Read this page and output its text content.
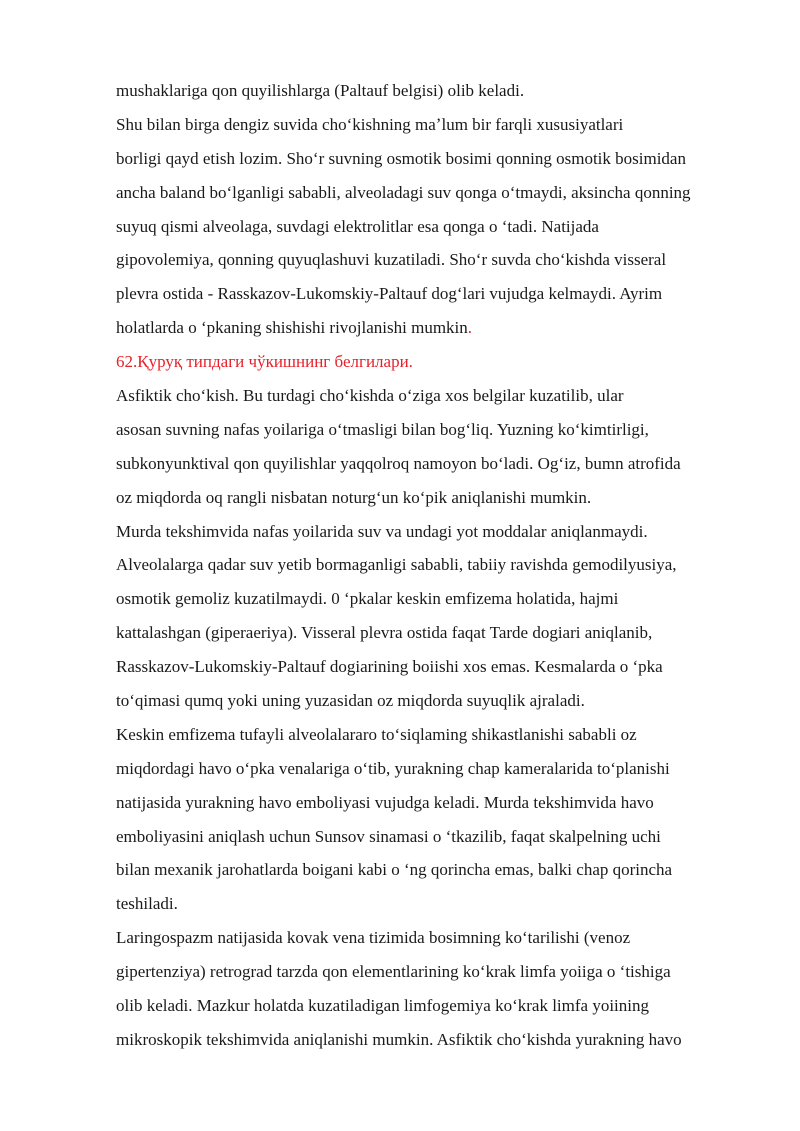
mushaklariga qon quyilishlarga (Paltauf belgisi) olib keladi.
Shu bilan birga dengiz suvida choʻkishning maʼlum bir farqli xususiyatlari
borligi qayd etish lozim. Shoʻr suvning osmotik bosimi qonning osmotik bosimidan
ancha baland boʻlganligi sababli, alveoladagi suv qonga oʻtmaydi, aksincha qonning
suyuq qismi alveolaga, suvdagi elektrolitlar esa qonga o ʻtadi. Natijada
gipovolemiya, qonning quyuqlashuvi kuzatiladi. Shoʻr suvda choʻkishda visseral
plevra ostida - Rasskazov-Lukomskiy-Paltauf dogʻlari vujudga kelmaydi. Ayrim
holatlarda o ʻpkaning shishishi rivojlanishi mumkin.
62.Қуруқ типдаги чўкишнинг белгилари.
Asfiktik choʻkish. Bu turdagi choʻkishda oʻziga xos belgilar kuzatilib, ular
asosan suvning nafas yoilariga oʻtmasligi bilan bogʻliq. Yuzning koʻkimtirligi,
subkonyunktival qon quyilishlar yaqqolroq namoyon boʻladi. Ogʻiz, bumn atrofida
oz miqdorda oq rangli nisbatan noturgʻun koʻpik aniqlanishi mumkin.
Murda tekshimvida nafas yoilarida suv va undagi yot moddalar aniqlanmaydi.
Alveolalarga qadar suv yetib bormaganligi sababli, tabiiy ravishda gemodilyusiya,
osmotik gemoliz kuzatilmaydi. 0 ʻpkalar keskin emfizema holatida, hajmi
kattalashgan (giperaeriya). Visseral plevra ostida faqat Tarde dogiari aniqlanib,
Rasskazov-Lukomskiy-Paltauf dogiarining boiishi xos emas. Kesmalarda o ʻpka
toʻqimasi qumq yoki uning yuzasidan oz miqdorda suyuqlik ajraladi.
Keskin emfizema tufayli alveolalararo toʻsiqlaming shikastlanishi sababli oz
miqdordagi havo oʻpka venalariga oʻtib, yurakning chap kameralarida toʻplanishi
natijasida yurakning havo emboliyasi vujudga keladi. Murda tekshimvida havo
emboliyasini aniqlash uchun Sunsov sinamasi o ʻtkazilib, faqat skalpelning uchi
bilan mexanik jarohatlarda boigani kabi o ʻng qorincha emas, balki chap qorincha
teshiladi.
Laringospazm natijasida kovak vena tizimida bosimning koʻtarilishi (venoz
gipertenziya) retrograd tarzda qon elementlarining koʻkrak limfa yoiiga o ʻtishiga
olib keladi. Mazkur holatda kuzatiladigan limfogemiya koʻkrak limfa yoiining
mikroskopik tekshimvida aniqlanishi mumkin. Asfiktik choʻkishda yurakning havo
